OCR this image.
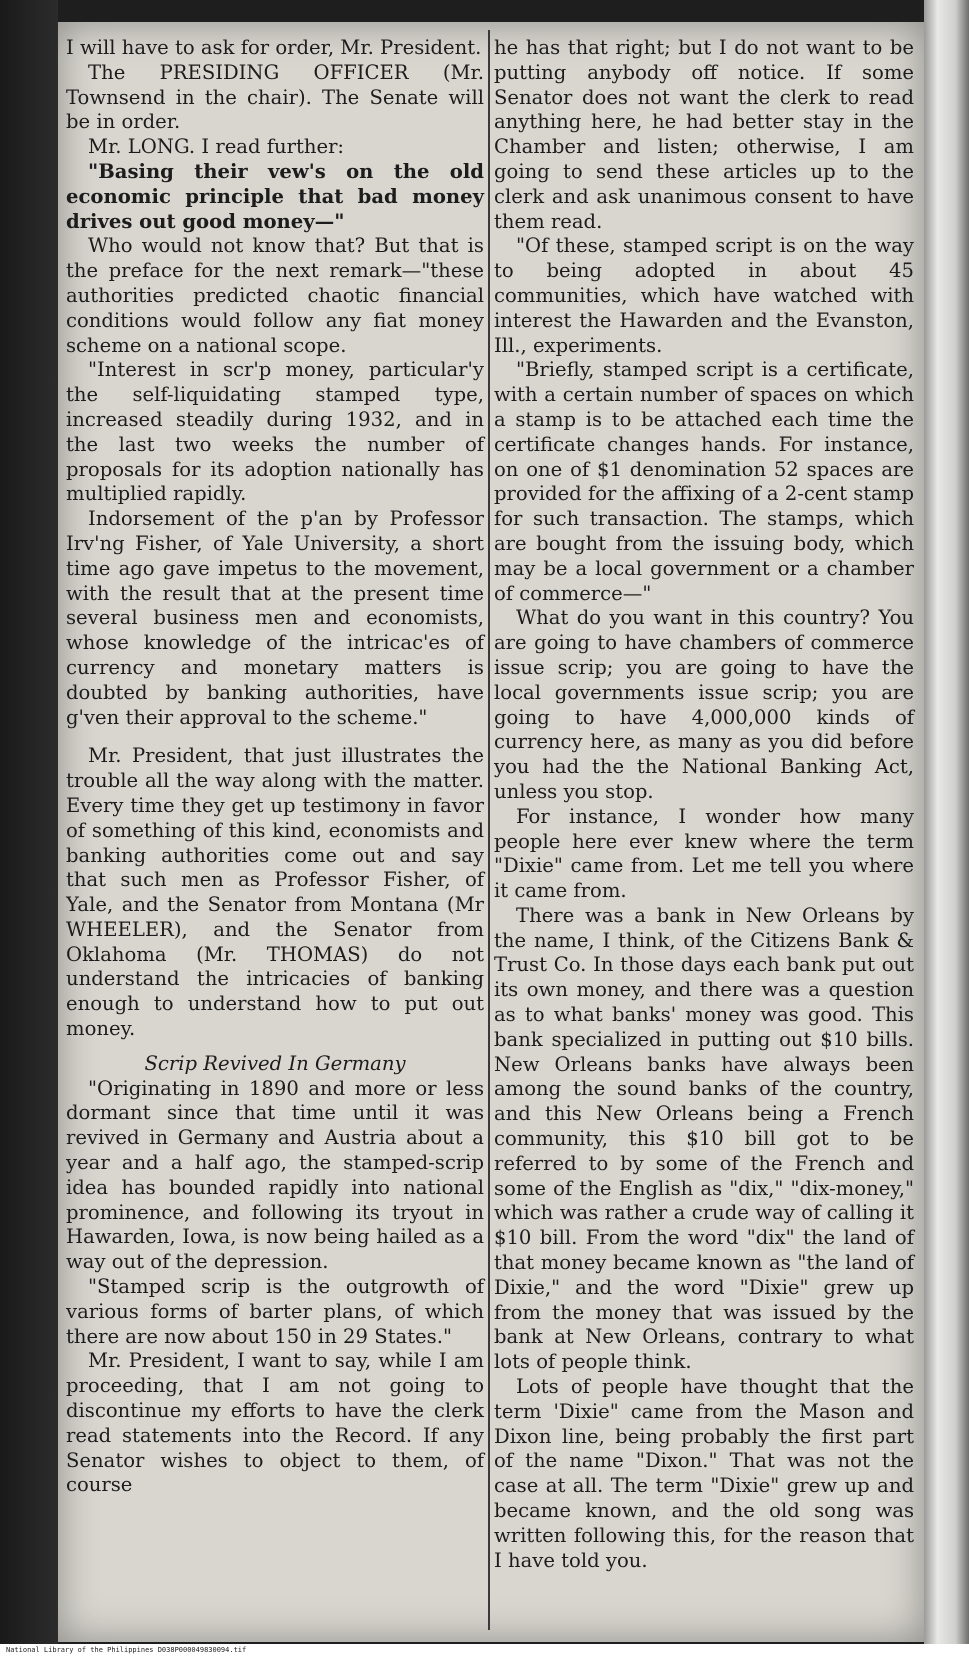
I will have to ask for order, Mr. President.

The PRESIDING OFFICER (Mr. Townsend in the chair). The Senate will be in order.

Mr. LONG. I read further:

"Basing their vew's on the old economic principle that bad money drives out good money—"

Who would not know that? But that is the preface for the next remark—"these authorities predicted chaotic financial conditions would follow any fiat money scheme on a national scope.

"Interest in scr'p money, particular'y the self-liquidating stamped type, increased steadily during 1932, and in the last two weeks the number of proposals for its adoption nationally has multiplied rapidly.

Indorsement of the p'an by Professor Irv'ng Fisher, of Yale University, a short time ago gave impetus to the movement, with the result that at the present time several business men and economists, whose knowledge of the intricac'es of currency and monetary matters is doubted by banking authorities, have g'ven their approval to the scheme."

Mr. President, that just illustrates the trouble all the way along with the matter. Every time they get up testimony in favor of something of this kind, economists and banking authorities come out and say that such men as Professor Fisher, of Yale, and the Senator from Montana (Mr WHEELER), and the Senator from Oklahoma (Mr. THOMAS) do not understand the intricacies of banking enough to understand how to put out money.

Scrip Revived In Germany

"Originating in 1890 and more or less dormant since that time until it was revived in Germany and Austria about a year and a half ago, the stamped-scrip idea has bounded rapidly into national prominence, and following its tryout in Hawarden, Iowa, is now being hailed as a way out of the depression.

"Stamped scrip is the outgrowth of various forms of barter plans, of which there are now about 150 in 29 States."

Mr. President, I want to say, while I am proceeding, that I am not going to discontinue my efforts to have the clerk read statements into the Record. If any Senator wishes to object to them, of course

he has that right; but I do not want to be putting anybody off notice. If some Senator does not want the clerk to read anything here, he had better stay in the Chamber and listen; otherwise, I am going to send these articles up to the clerk and ask unanimous consent to have them read.

"Of these, stamped script is on the way to being adopted in about 45 communities, which have watched with interest the Hawarden and the Evanston, Ill., experiments.

"Briefly, stamped script is a certificate, with a certain number of spaces on which a stamp is to be attached each time the certificate changes hands. For instance, on one of $1 denomination 52 spaces are provided for the affixing of a 2-cent stamp for such transaction. The stamps, which are bought from the issuing body, which may be a local government or a chamber of commerce—"

What do you want in this country? You are going to have chambers of commerce issue scrip; you are going to have the local governments issue scrip; you are going to have 4,000,000 kinds of currency here, as many as you did before you had the the National Banking Act, unless you stop.

For instance, I wonder how many people here ever knew where the term "Dixie" came from. Let me tell you where it came from.

There was a bank in New Orleans by the name, I think, of the Citizens Bank & Trust Co. In those days each bank put out its own money, and there was a question as to what banks' money was good. This bank specialized in putting out $10 bills. New Orleans banks have always been among the sound banks of the country, and this New Orleans being a French community, this $10 bill got to be referred to by some of the French and some of the English as "dix," "dix-money," which was rather a crude way of calling it $10 bill. From the word "dix" the land of that money became known as "the land of Dixie," and the word "Dixie" grew up from the money that was issued by the bank at New Orleans, contrary to what lots of people think.

Lots of people have thought that the term 'Dixie" came from the Mason and Dixon line, being probably the first part of the name "Dixon." That was not the case at all. The term "Dixie" grew up and became known, and the old song was written following this, for the reason that I have told you.

National Library of the Philippines D038P000049830094.tif
